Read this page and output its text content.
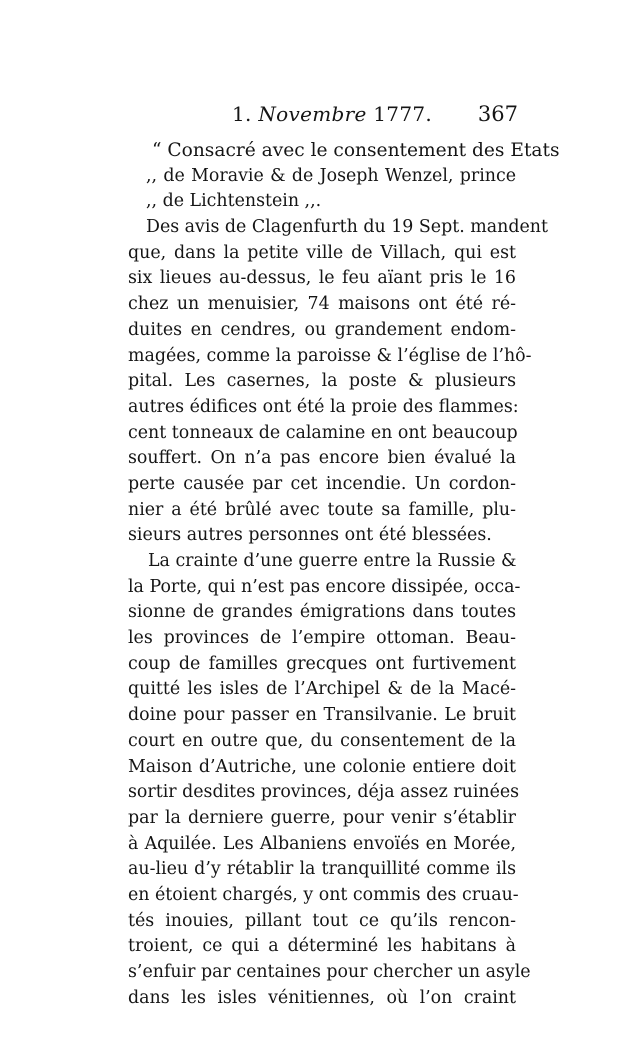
1. Novembre 1777. 367
“ Consacré avec le consentement des Etats
,, de Moravie & de Joseph Wenzel, prince
,, de Lichtenstein ,,.
Des avis de Clagenfurth du 19 Sept. mandent
que, dans la petite ville de Villach, qui est
six lieues au-dessus, le feu aïant pris le 16
chez un menuisier, 74 maisons ont été ré-
duites en cendres, ou grandement endom-
magées, comme la paroisse & l’église de l’hô-
pital. Les casernes, la poste & plusieurs
autres édifices ont été la proie des flammes:
cent tonneaux de calamine en ont beaucoup
souffert. On n’a pas encore bien évalué la
perte causée par cet incendie. Un cordon-
nier a été brûlé avec toute sa famille, plu-
sieurs autres personnes ont été blessées.
La crainte d’une guerre entre la Russie &
la Porte, qui n’est pas encore dissipée, occa-
sionne de grandes émigrations dans toutes
les provinces de l’empire ottoman. Beau-
coup de familles grecques ont furtivement
quitté les isles de l’Archipel & de la Macé-
doine pour passer en Transilvanie. Le bruit
court en outre que, du consentement de la
Maison d’Autriche, une colonie entiere doit
sortir desdites provinces, déja assez ruinées
par la derniere guerre, pour venir s’établir
à Aquilée. Les Albaniens envoïés en Morée,
au-lieu d’y rétablir la tranquillité comme ils
en étoient chargés, y ont commis des cruau-
tés inouies, pillant tout ce qu’ils rencon-
troient, ce qui a déterminé les habitans à
s’enfuir par centaines pour chercher un asyle
dans les isles vénitiennes, où l’on craint
